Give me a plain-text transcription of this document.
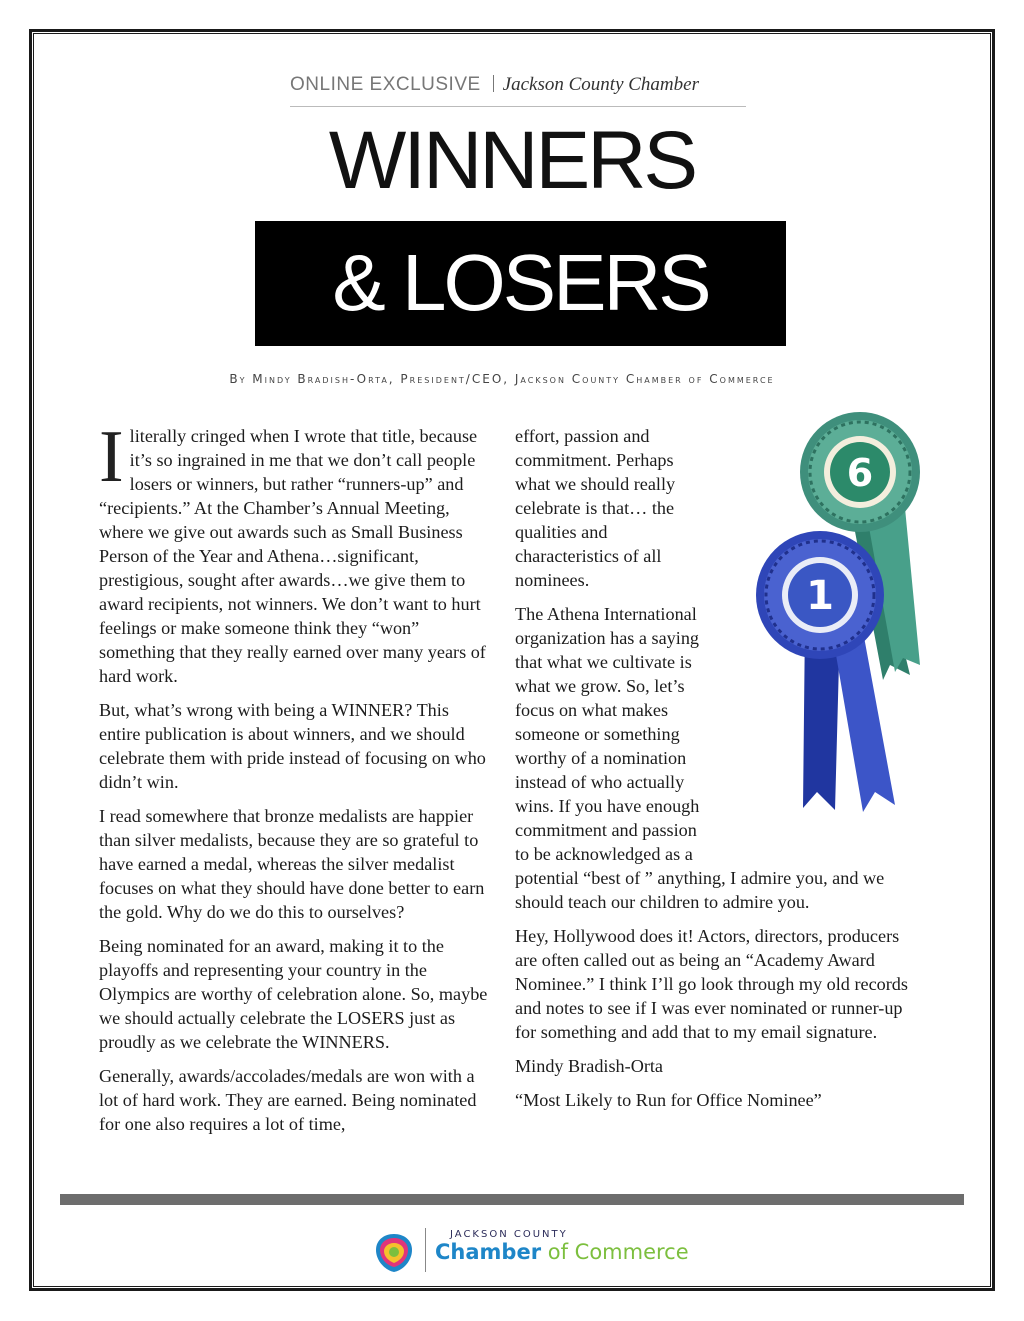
ONLINE EXCLUSIVE Jackson County Chamber
WINNERS
& LOSERS
By Mindy Bradish-Orta, President/CEO, Jackson County Chamber of Commerce

Iliterally cringed when I wrote that title, because it’s so ingrained in me that we don’t call people losers or winners, but rather “runners-up” and “recipients.” At the Chamber’s Annual Meeting, where we give out awards such as Small Business Person of the Year and Athena…significant, prestigious, sought after awards…we give them to award recipients, not winners. We don’t want to hurt feelings or make someone think they “won” something that they really earned over many years of hard work.

But, what’s wrong with being a WINNER? This entire publication is about winners, and we should celebrate them with pride instead of focusing on who didn’t win.

I read somewhere that bronze medalists are happier than silver medalists, because they are so grateful to have earned a medal, whereas the silver medalist focuses on what they should have done better to earn the gold. Why do we do this to ourselves?

Being nominated for an award, making it to the playoffs and representing your country in the Olympics are worthy of celebration alone. So, maybe we should actually celebrate the LOSERS just as proudly as we celebrate the WINNERS.

Generally, awards/accolades/medals are won with a lot of hard work. They are earned. Being nominated for one also requires a lot of time,

effort, passion and commitment. Perhaps what we should really celebrate is that… the qualities and characteristics of all nominees.

The Athena International organization has a saying that what we cultivate is what we grow. So, let’s focus on what makes someone or something worthy of a nomination instead of who actually wins. If you have enough commitment and passion to be acknowledged as a potential “best of ” anything, I admire you, and we should teach our children to admire you.

Hey, Hollywood does it! Actors, directors, producers are often called out as being an “Academy Award Nominee.” I think I’ll go look through my old records and notes to see if I was ever nominated or runner-up for something and add that to my email signature.

Mindy Bradish-Orta

“Most Likely to Run for Office Nominee”

6
1
JACKSON COUNTY
Chamber of Commerce
